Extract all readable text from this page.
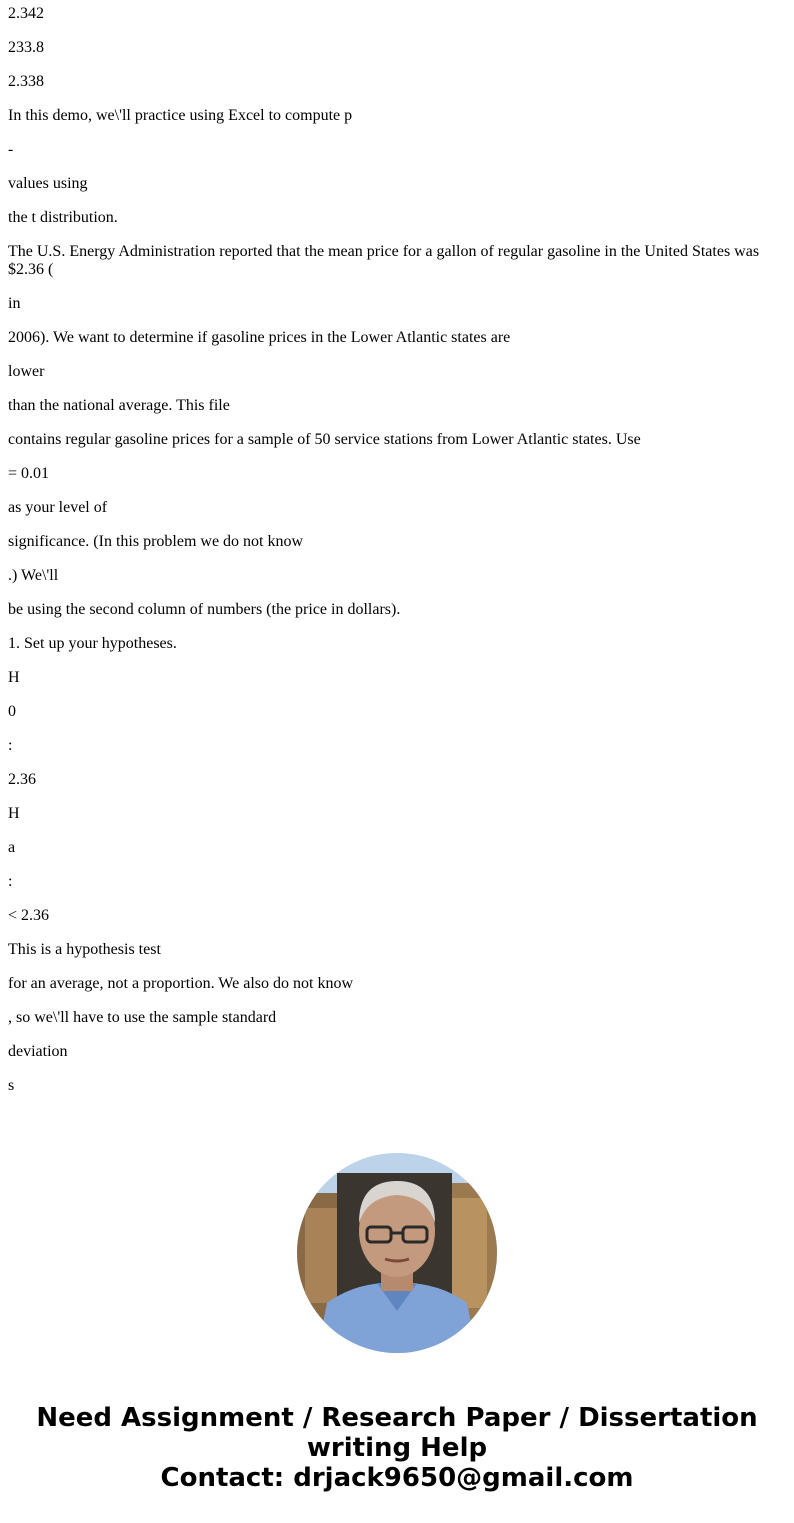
2.342

233.8

2.338

In this demo, we\'ll practice using Excel to compute p

-

values using

the t distribution.

The U.S. Energy Administration reported that the mean price for a gallon of regular gasoline in the United States was $2.36 (

in

2006). We want to determine if gasoline prices in the Lower Atlantic states are

lower

than the national average. This file

contains regular gasoline prices for a sample of 50 service stations from Lower Atlantic states. Use

= 0.01

as your level of

significance. (In this problem we do not know

.) We\'ll

be using the second column of numbers (the price in dollars).

1. Set up your hypotheses.

H

0

:

2.36

H

a

:

< 2.36

This is a hypothesis test

for an average, not a proportion. We also do not know

, so we\'ll have to use the sample standard

deviation

s

Need Assignment / Research Paper / Dissertation
writing Help
Contact: drjack9650@gmail.com
